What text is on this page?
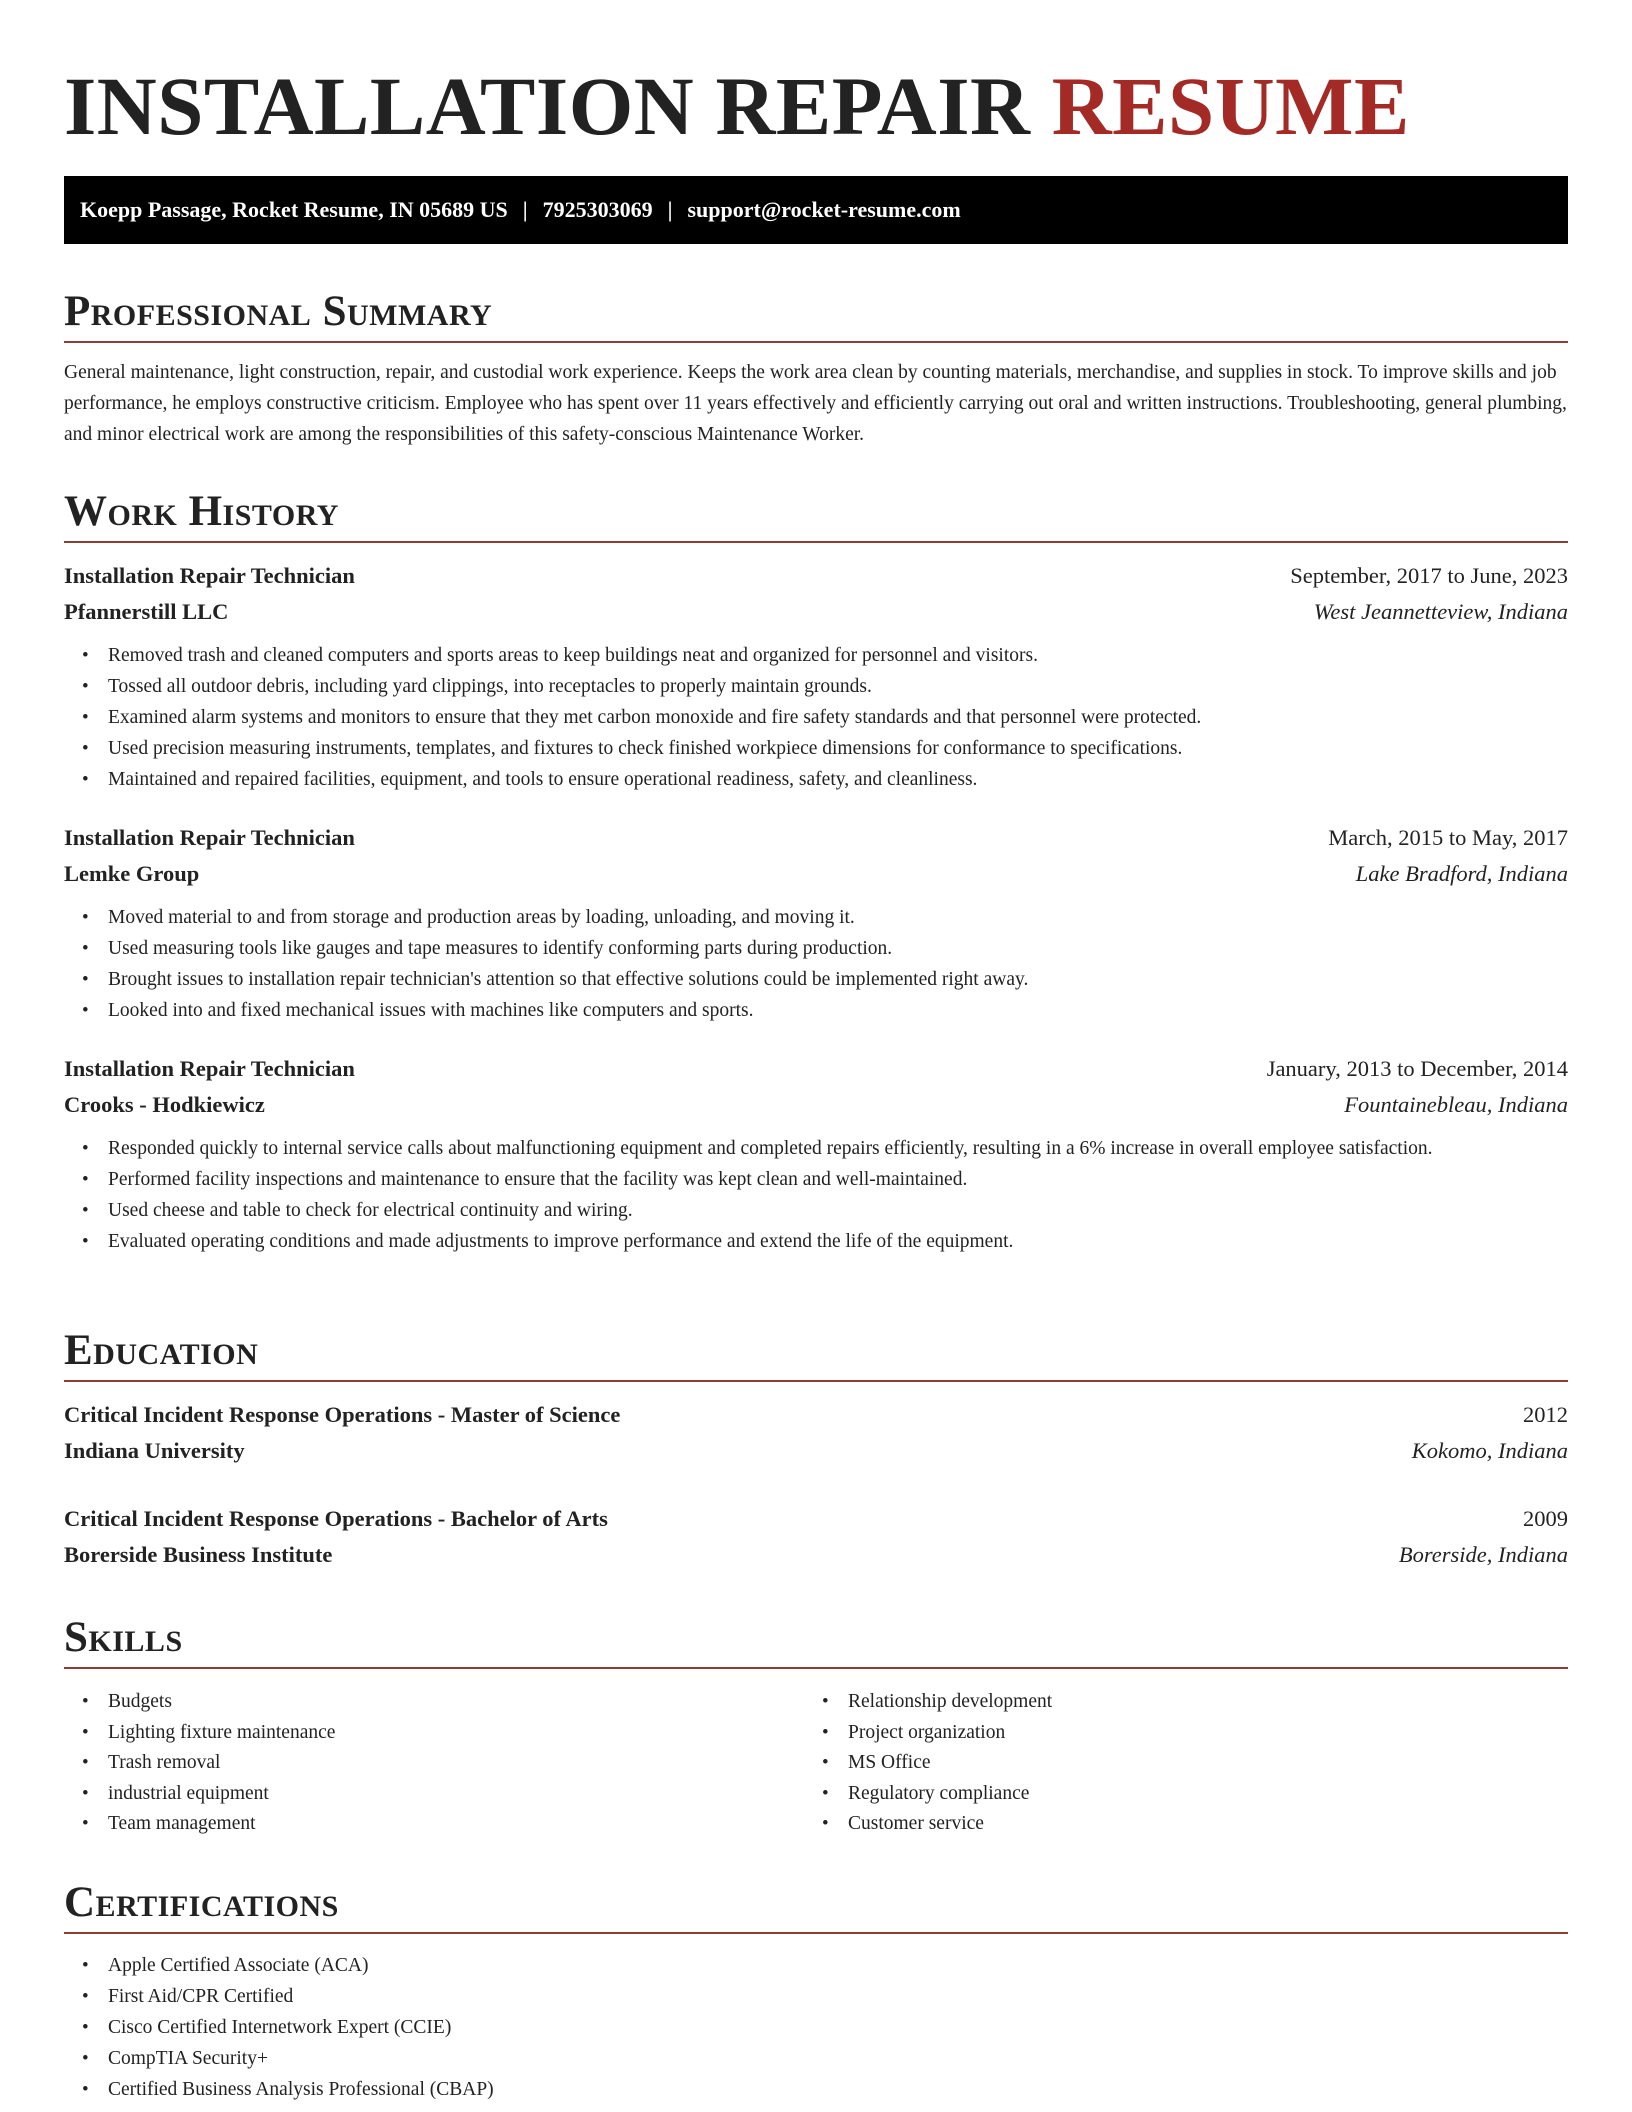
INSTALLATION REPAIR RESUME
Koepp Passage, Rocket Resume, IN 05689 US | 7925303069 | support@rocket-resume.com
Professional Summary

General maintenance, light construction, repair, and custodial work experience. Keeps the work area clean by counting materials, merchandise, and supplies in stock. To improve skills and job performance, he employs constructive criticism. Employee who has spent over 11 years effectively and efficiently carrying out oral and written instructions. Troubleshooting, general plumbing, and minor electrical work are among the responsibilities of this safety-conscious Maintenance Worker.

Work History
Installation Repair Technician	September, 2017 to June, 2023
Pfannerstill LLC	West Jeannetteview, Indiana
• Removed trash and cleaned computers and sports areas to keep buildings neat and organized for personnel and visitors.
• Tossed all outdoor debris, including yard clippings, into receptacles to properly maintain grounds.
• Examined alarm systems and monitors to ensure that they met carbon monoxide and fire safety standards and that personnel were protected.
• Used precision measuring instruments, templates, and fixtures to check finished workpiece dimensions for conformance to specifications.
• Maintained and repaired facilities, equipment, and tools to ensure operational readiness, safety, and cleanliness.
Installation Repair Technician	March, 2015 to May, 2017
Lemke Group	Lake Bradford, Indiana
• Moved material to and from storage and production areas by loading, unloading, and moving it.
• Used measuring tools like gauges and tape measures to identify conforming parts during production.
• Brought issues to installation repair technician's attention so that effective solutions could be implemented right away.
• Looked into and fixed mechanical issues with machines like computers and sports.
Installation Repair Technician	January, 2013 to December, 2014
Crooks - Hodkiewicz	Fountainebleau, Indiana
• Responded quickly to internal service calls about malfunctioning equipment and completed repairs efficiently, resulting in a 6% increase in overall employee satisfaction.
• Performed facility inspections and maintenance to ensure that the facility was kept clean and well-maintained.
• Used cheese and table to check for electrical continuity and wiring.
• Evaluated operating conditions and made adjustments to improve performance and extend the life of the equipment.
Education
Critical Incident Response Operations - Master of Science	2012
Indiana University	Kokomo, Indiana
Critical Incident Response Operations - Bachelor of Arts	2009
Borerside Business Institute	Borerside, Indiana
Skills
• Budgets
• Lighting fixture maintenance
• Trash removal
• industrial equipment
• Team management
• Relationship development
• Project organization
• MS Office
• Regulatory compliance
• Customer service
Certifications
• Apple Certified Associate (ACA)
• First Aid/CPR Certified
• Cisco Certified Internetwork Expert (CCIE)
• CompTIA Security+
• Certified Business Analysis Professional (CBAP)
